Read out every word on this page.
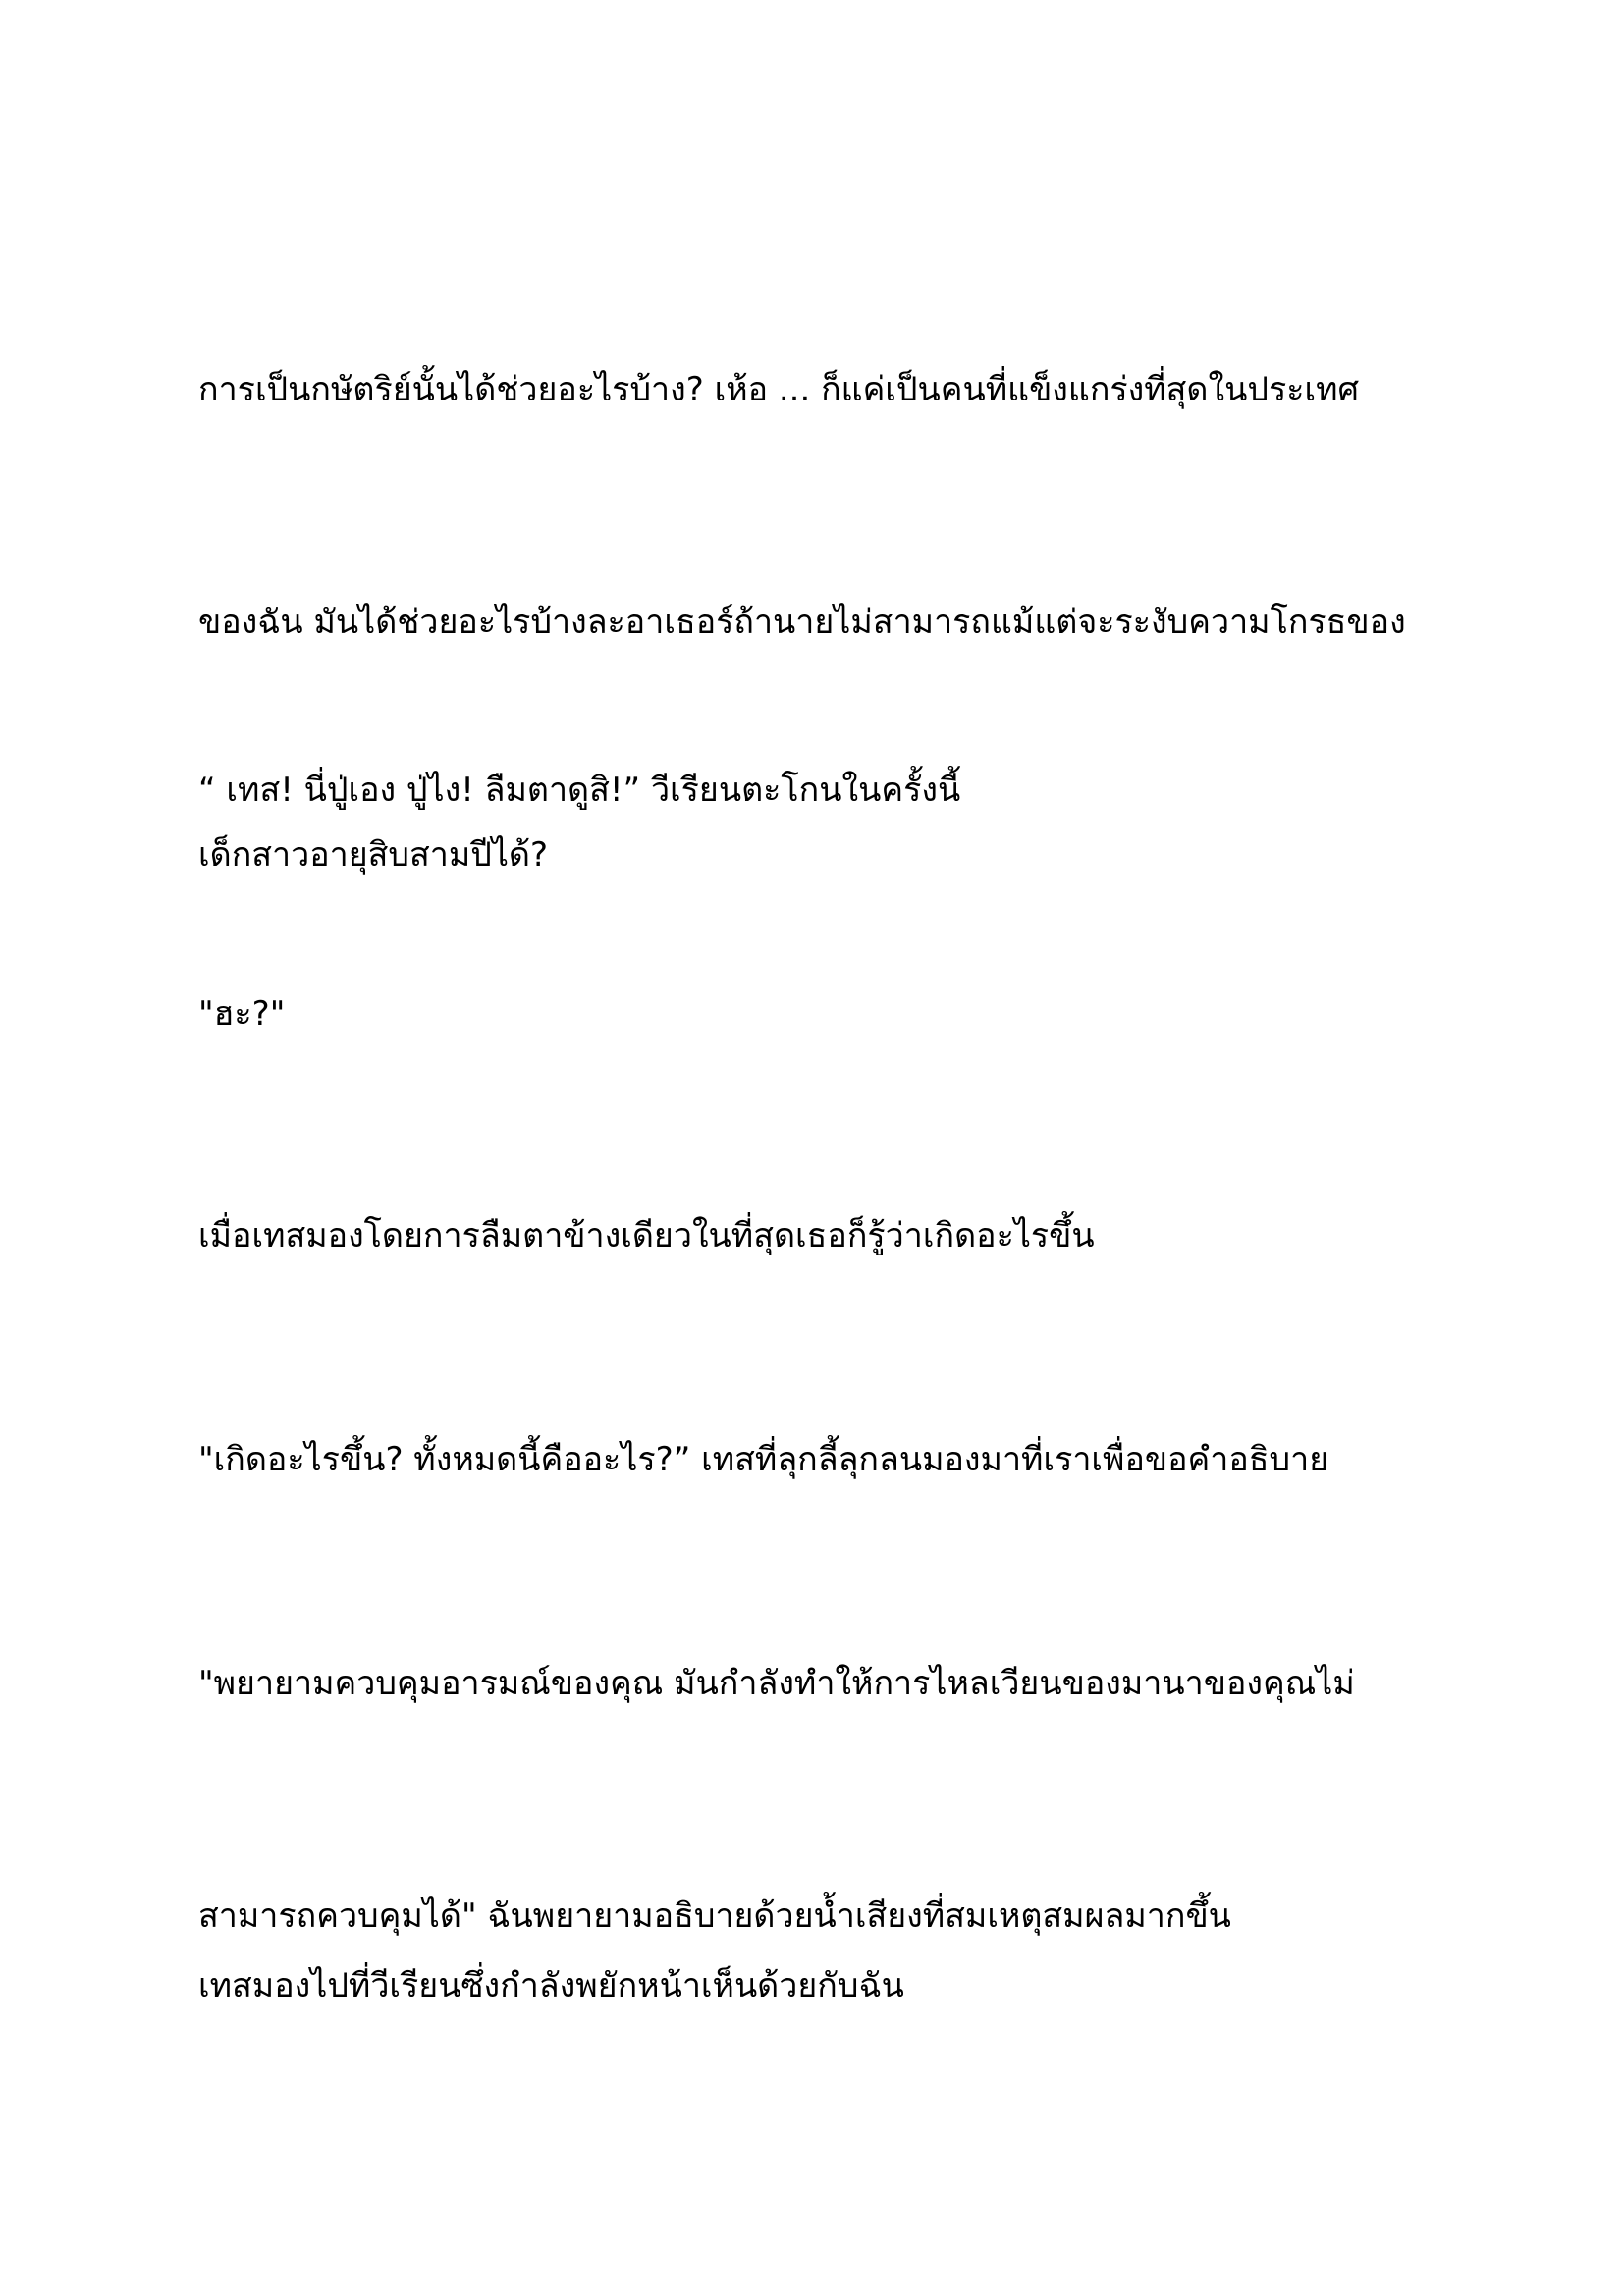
การเป็นกษัตริย์นั้นได้ช่วยอะไรบ้าง? เห้อ ... ก็แค่เป็นคนที่แข็งแกร่งที่สุดในประเทศ

ของฉัน มันได้ช่วยอะไรบ้างละอาเธอร์ถ้านายไม่สามารถแม้แต่จะระงับความโกรธของ

เด็กสาวอายุสิบสามปีได้?

“ เทส! นี่ปู่เอง ปู่ไง! ลืมตาดูสิ!” วีเรียนตะโกนในครั้งนี้

"ฮะ?"

เมื่อเทสมองโดยการลืมตาข้างเดียวในที่สุดเธอก็รู้ว่าเกิดอะไรขึ้น

"เกิดอะไรขึ้น? ทั้งหมดนี้คืออะไร?” เทสที่ลุกลี้ลุกลนมองมาที่เราเพื่อขอคำอธิบาย

"พยายามควบคุมอารมณ์ของคุณ มันกำลังทำให้การไหลเวียนของมานาของคุณไม่

สามารถควบคุมได้" ฉันพยายามอธิบายด้วยน้ำเสียงที่สมเหตุสมผลมากขึ้น

เทสมองไปที่วีเรียนซึ่งกำลังพยักหน้าเห็นด้วยกับฉัน
